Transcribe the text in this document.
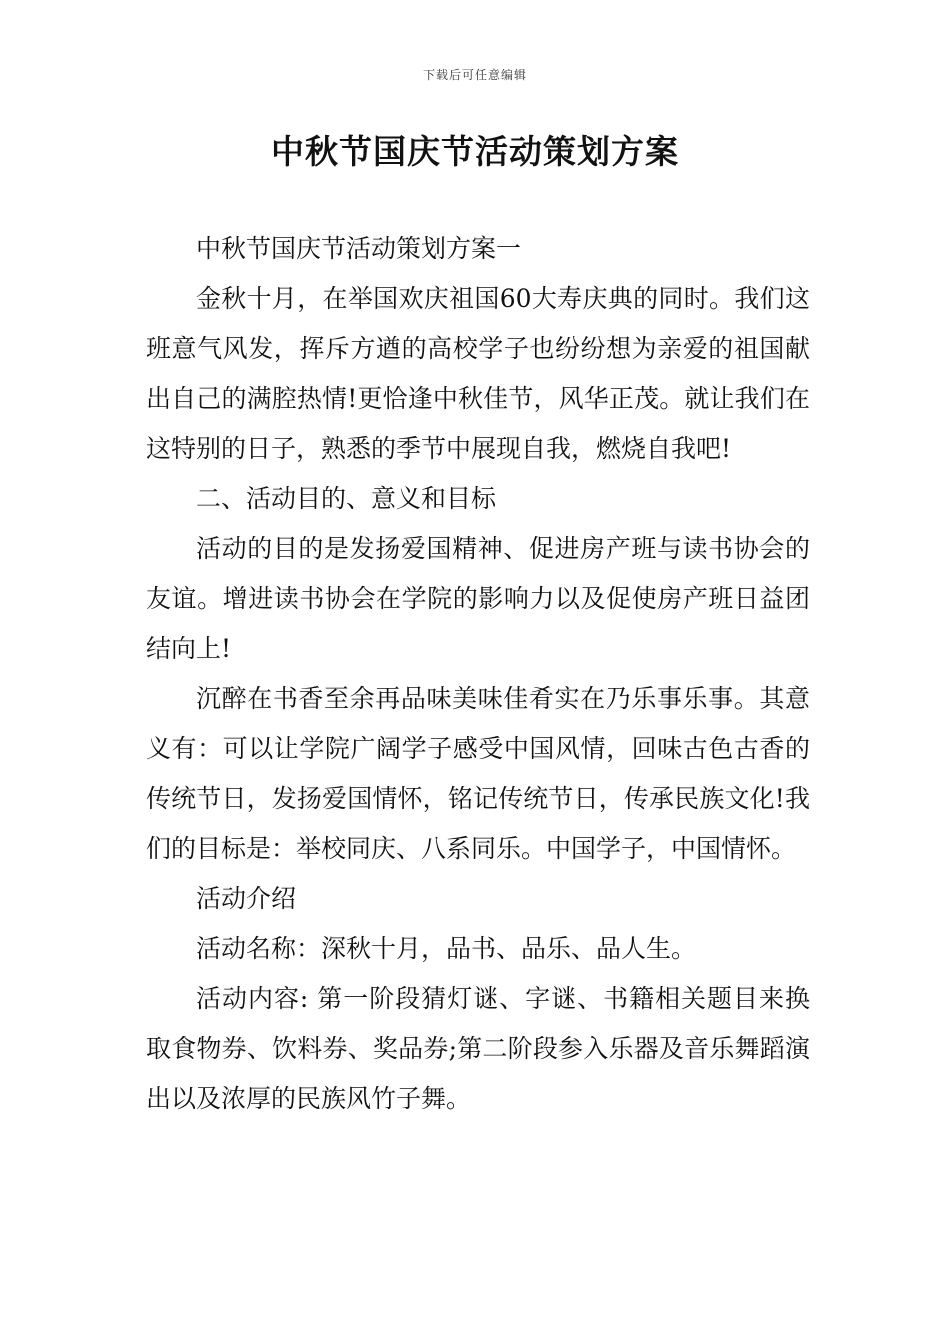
下载后可任意编辑
中秋节国庆节活动策划方案

中秋节国庆节活动策划方案一

金秋十月，在举国欢庆祖国60大寿庆典的同时。我们这班意气风发，挥斥方遒的高校学子也纷纷想为亲爱的祖国献出自己的满腔热情!更恰逢中秋佳节，风华正茂。就让我们在这特别的日子，熟悉的季节中展现自我，燃烧自我吧!

二、活动目的、意义和目标

活动的目的是发扬爱国精神、促进房产班与读书协会的友谊。增进读书协会在学院的影响力以及促使房产班日益团结向上!

沉醉在书香至余再品味美味佳肴实在乃乐事乐事。其意义有：可以让学院广阔学子感受中国风情，回味古色古香的传统节日，发扬爱国情怀，铭记传统节日，传承民族文化!我们的目标是：举校同庆、八系同乐。中国学子，中国情怀。

活动介绍

活动名称：深秋十月，品书、品乐、品人生。

活动内容: 第一阶段猜灯谜、字谜、书籍相关题目来换取食物券、饮料券、奖品券;第二阶段参入乐器及音乐舞蹈演出以及浓厚的民族风竹子舞。
